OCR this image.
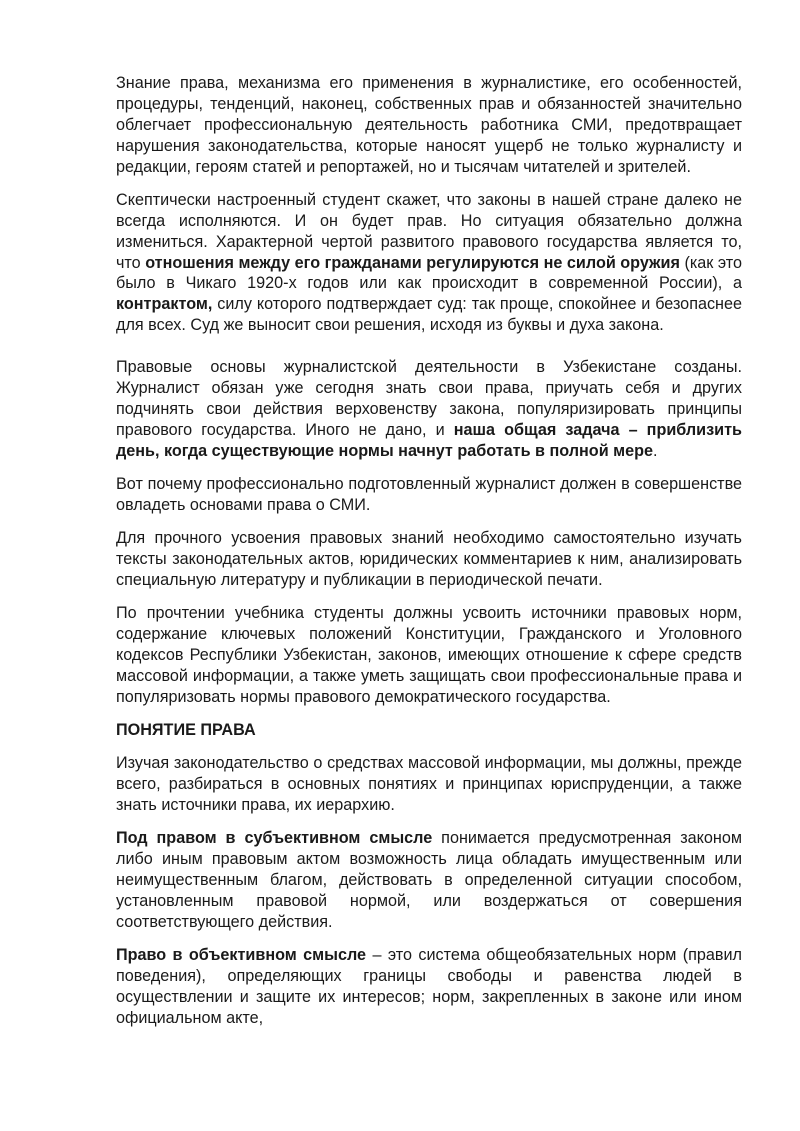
Знание права, механизма его применения в журналистике, его особенностей, процедуры, тенденций, наконец, собственных прав и обязанностей значительно облегчает профессиональную деятельность работника СМИ, предотвращает нарушения законодательства, которые наносят ущерб не только журналисту и редакции, героям статей и репортажей, но и тысячам читателей и зрителей.

Скептически настроенный студент скажет, что законы в нашей стране далеко не всегда исполняются. И он будет прав. Но ситуация обязательно должна измениться. Характерной чертой развитого правового государства является то, что отношения между его гражданами регулируются не силой оружия (как это было в Чикаго 1920-х годов или как происходит в современной России), а контрактом, силу которого подтверждает суд: так проще, спокойнее и безопаснее для всех. Суд же выносит свои решения, исходя из буквы и духа закона.

Правовые основы журналистской деятельности в Узбекистане созданы. Журналист обязан уже сегодня знать свои права, приучать себя и других подчинять свои действия верховенству закона, популяризировать принципы правового государства. Иного не дано, и наша общая задача – приблизить день, когда существующие нормы начнут работать в полной мере.

Вот почему профессионально подготовленный журналист должен в совершенстве овладеть основами права о СМИ.

Для прочного усвоения правовых знаний необходимо самостоятельно изучать тексты законодательных актов, юридических комментариев к ним, анализировать специальную литературу и публикации в периодической печати.

По прочтении учебника студенты должны усвоить источники правовых норм, содержание ключевых положений Конституции, Гражданского и Уголовного кодексов Республики Узбекистан, законов, имеющих отношение к сфере средств массовой информации, а также уметь защищать свои профессиональные права и популяризовать нормы правового демократического государства.

ПОНЯТИЕ ПРАВА

Изучая законодательство о средствах массовой информации, мы должны, прежде всего, разбираться в основных понятиях и принципах юриспруденции, а также знать источники права, их иерархию.

Под правом в субъективном смысле понимается предусмотренная законом либо иным правовым актом возможность лица обладать имущественным или неимущественным благом, действовать в определенной ситуации способом, установленным правовой нормой, или воздержаться от совершения соответствующего действия.

Право в объективном смысле – это система общеобязательных норм (правил поведения), определяющих границы свободы и равенства людей в осуществлении и защите их интересов; норм, закрепленных в законе или ином официальном акте,
